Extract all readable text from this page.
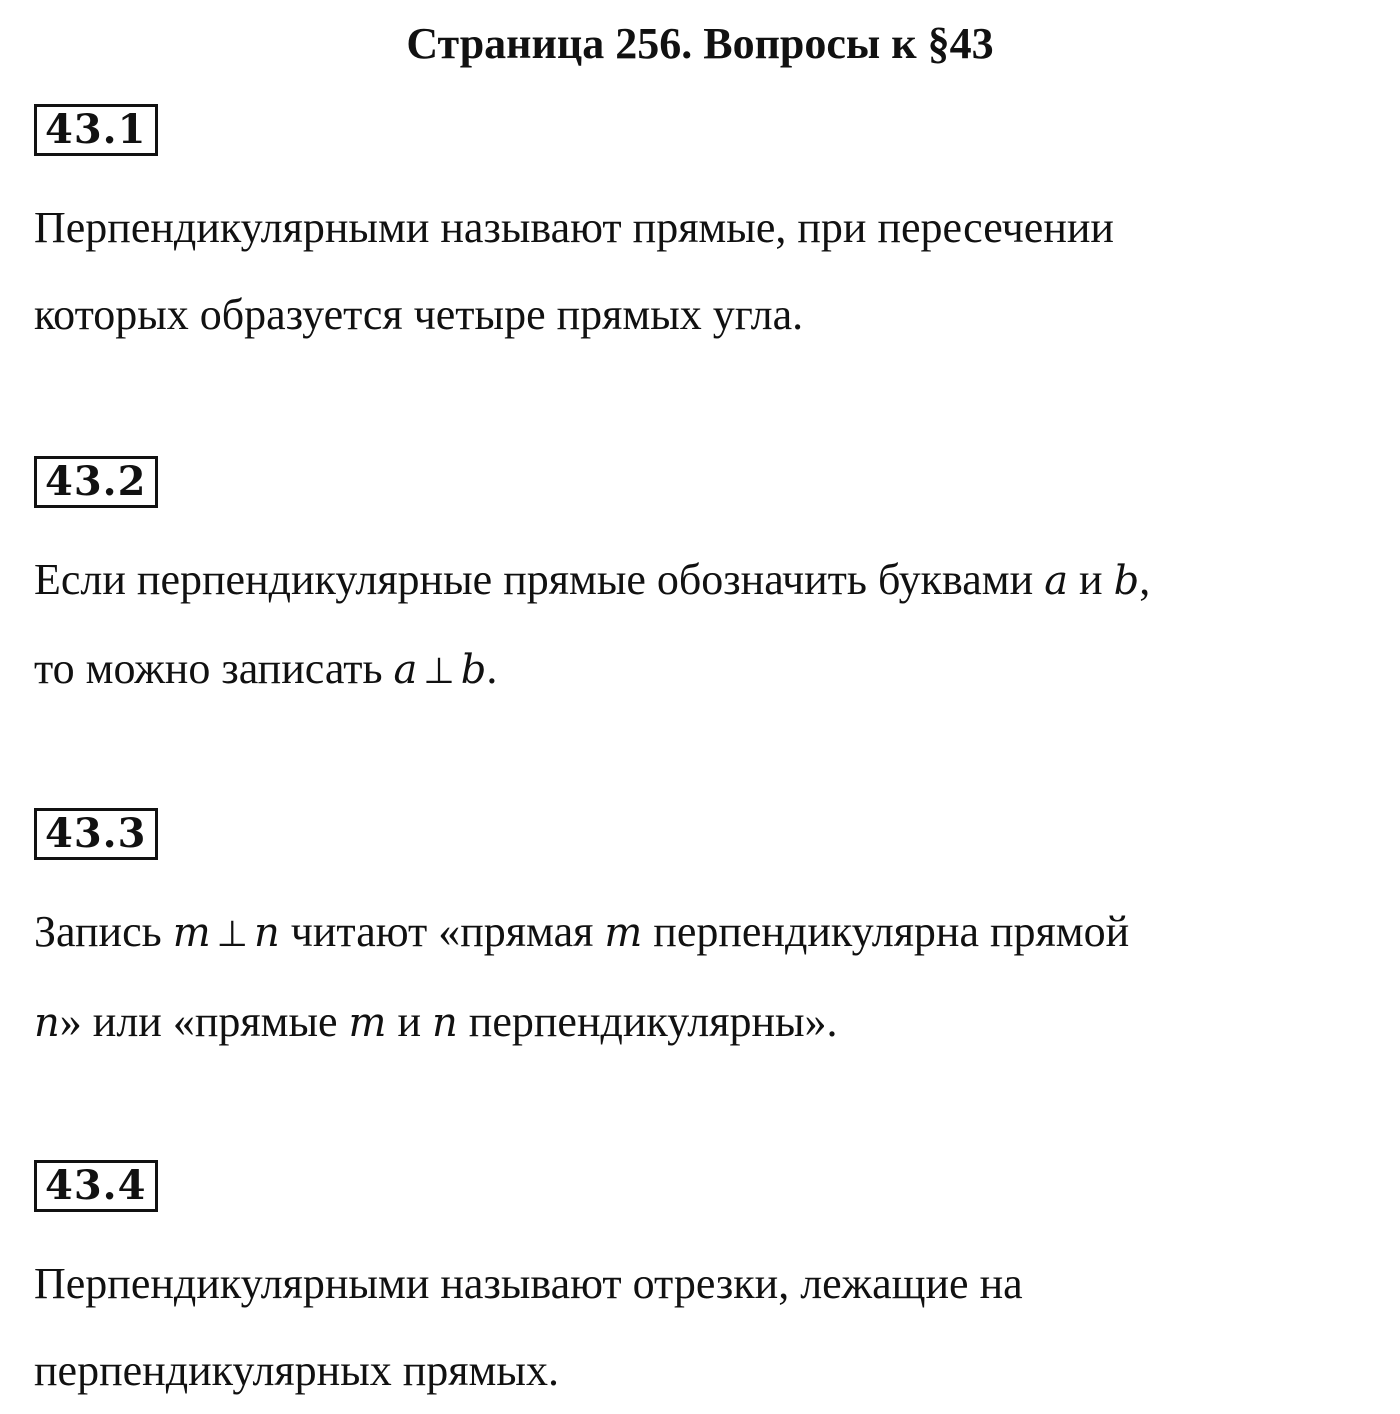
Страница 256. Вопросы к §43
43.1
Перпендикулярными называют прямые, при пересечении
которых образуется четыре прямых угла.
43.2
Если перпендикулярные прямые обозначить буквами a и b,
то можно записать a ⊥ b.
43.3
Запись m ⊥ n читают «прямая m перпендикулярна прямой
n» или «прямые m и n перпендикулярны».
43.4
Перпендикулярными называют отрезки, лежащие на
перпендикулярных прямых.
